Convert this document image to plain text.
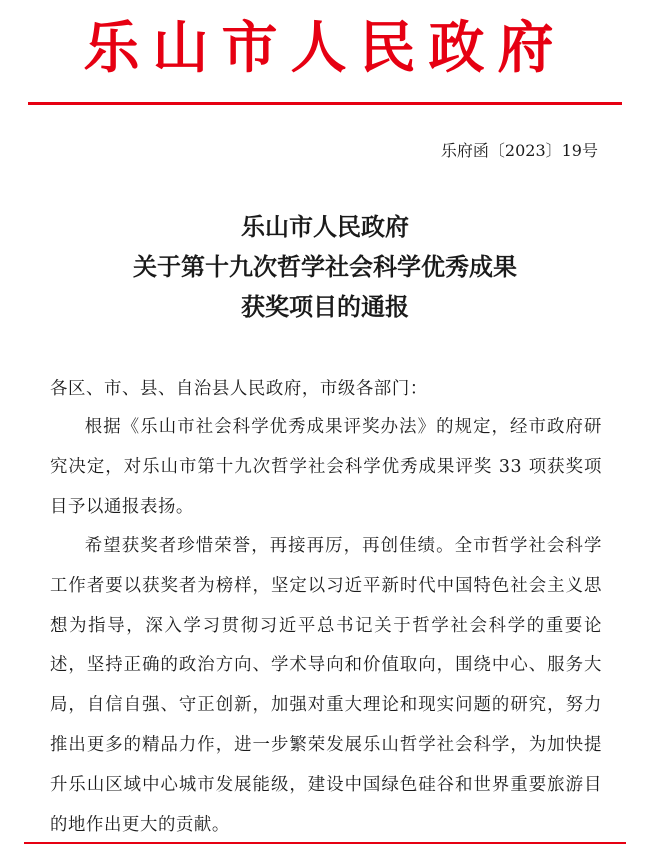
乐山市人民政府
乐府函〔2023〕19号
乐山市人民政府
关于第十九次哲学社会科学优秀成果
获奖项目的通报
各区、市、县、自治县人民政府，市级各部门：
根据《乐山市社会科学优秀成果评奖办法》的规定，经市政府研究决定，对乐山市第十九次哲学社会科学优秀成果评奖 33 项获奖项目予以通报表扬。
希望获奖者珍惜荣誉，再接再厉，再创佳绩。全市哲学社会科学工作者要以获奖者为榜样，坚定以习近平新时代中国特色社会主义思想为指导，深入学习贯彻习近平总书记关于哲学社会科学的重要论述，坚持正确的政治方向、学术导向和价值取向，围绕中心、服务大局，自信自强、守正创新，加强对重大理论和现实问题的研究，努力推出更多的精品力作，进一步繁荣发展乐山哲学社会科学，为加快提升乐山区域中心城市发展能级，建设中国绿色硅谷和世界重要旅游目的地作出更大的贡献。
